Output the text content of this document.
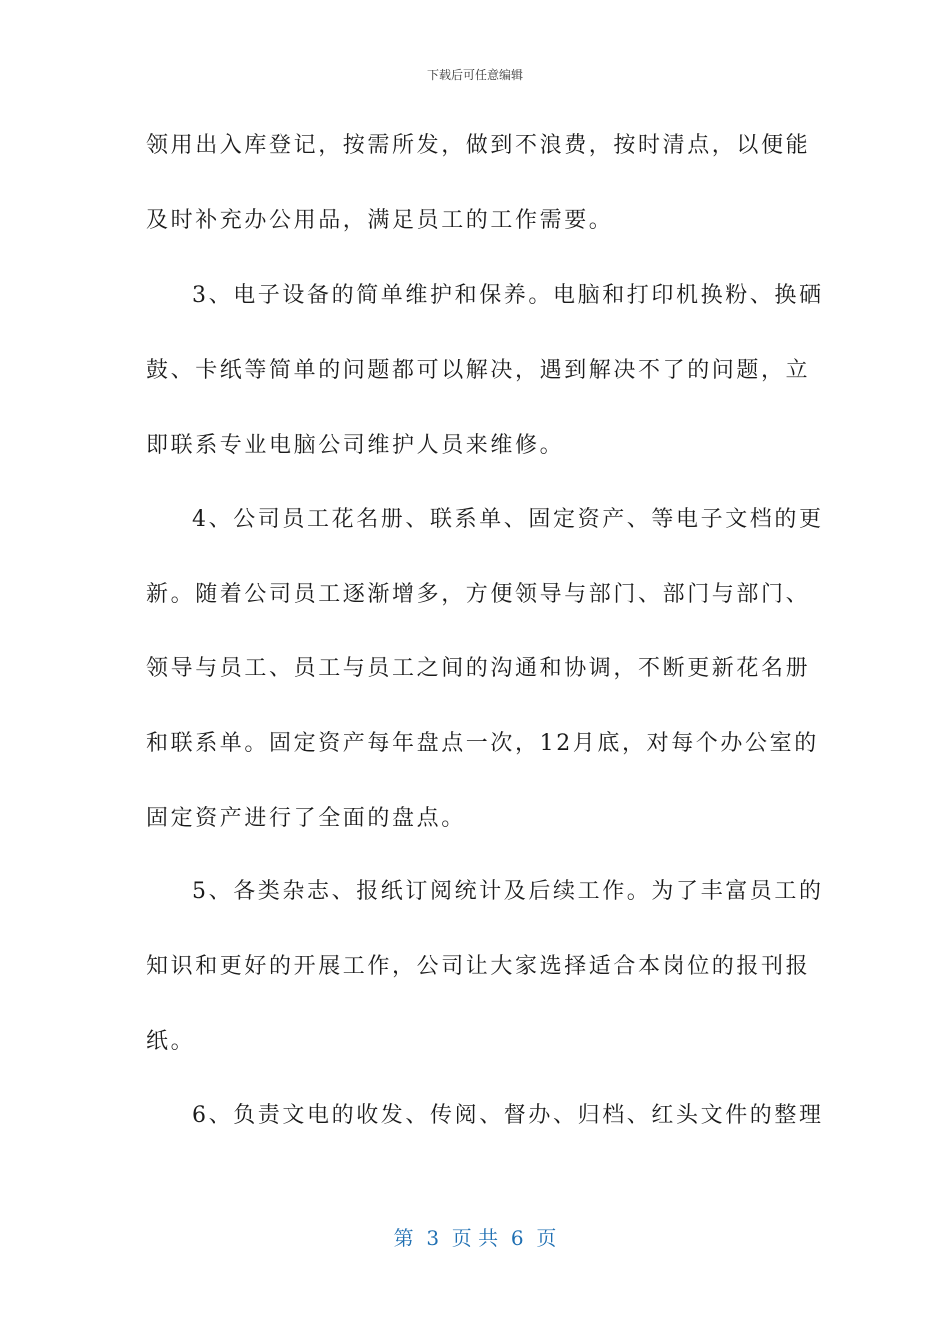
下载后可任意编辑
领用出入库登记，按需所发，做到不浪费，按时清点，以便能
及时补充办公用品，满足员工的工作需要。
3、电子设备的简单维护和保养。电脑和打印机换粉、换硒
鼓、卡纸等简单的问题都可以解决，遇到解决不了的问题，立
即联系专业电脑公司维护人员来维修。
4、公司员工花名册、联系单、固定资产、等电子文档的更
新。随着公司员工逐渐增多，方便领导与部门、部门与部门、
领导与员工、员工与员工之间的沟通和协调，不断更新花名册
和联系单。固定资产每年盘点一次，12月底，对每个办公室的
固定资产进行了全面的盘点。
5、各类杂志、报纸订阅统计及后续工作。为了丰富员工的
知识和更好的开展工作，公司让大家选择适合本岗位的报刊报
纸。
6、负责文电的收发、传阅、督办、归档、红头文件的整理
第  3  页 共  6  页
